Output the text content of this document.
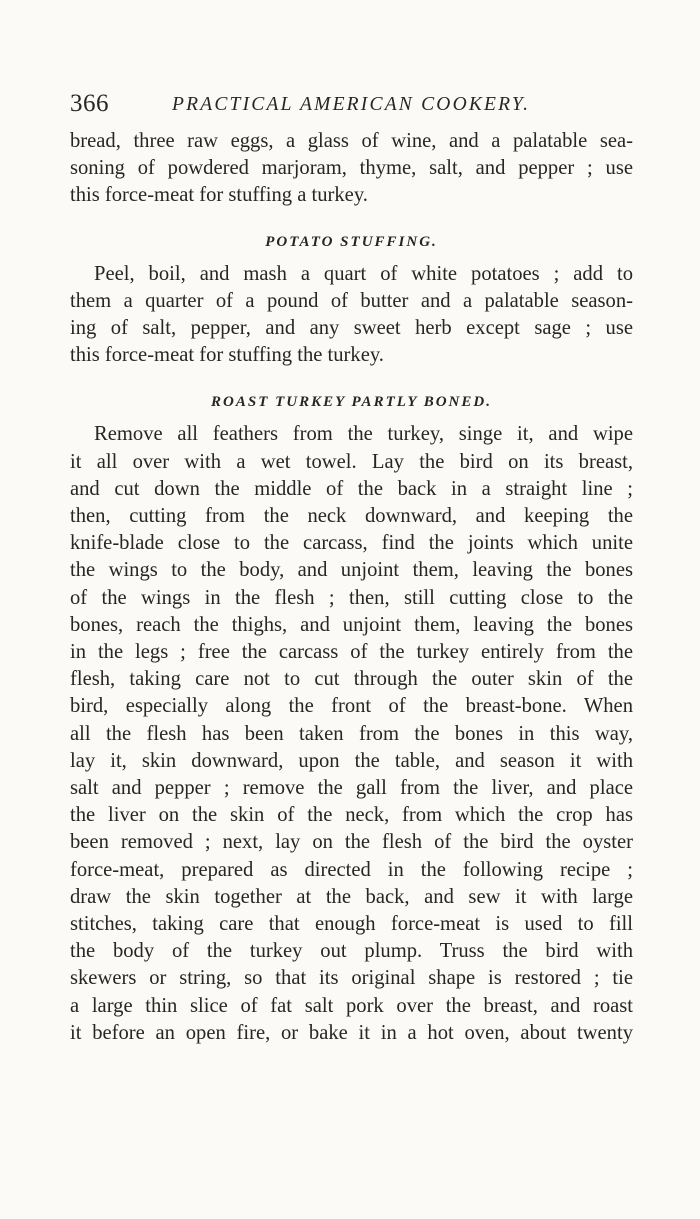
366	PRACTICAL AMERICAN COOKERY.

bread, three raw eggs, a glass of wine, and a palatable sea-
soning of powdered marjoram, thyme, salt, and pepper ; use
this force-meat for stuffing a turkey.

POTATO STUFFING.

Peel, boil, and mash a quart of white potatoes ; add to
them a quarter of a pound of butter and a palatable season-
ing of salt, pepper, and any sweet herb except sage ; use
this force-meat for stuffing the turkey.

ROAST TURKEY PARTLY BONED.

Remove all feathers from the turkey, singe it, and wipe
it all over with a wet towel. Lay the bird on its breast,
and cut down the middle of the back in a straight line ;
then, cutting from the neck downward, and keeping the
knife-blade close to the carcass, find the joints which unite
the wings to the body, and unjoint them, leaving the bones
of the wings in the flesh ; then, still cutting close to the
bones, reach the thighs, and unjoint them, leaving the bones
in the legs ; free the carcass of the turkey entirely from the
flesh, taking care not to cut through the outer skin of the
bird, especially along the front of the breast-bone. When
all the flesh has been taken from the bones in this way,
lay it, skin downward, upon the table, and season it with
salt and pepper ; remove the gall from the liver, and place
the liver on the skin of the neck, from which the crop has
been removed ; next, lay on the flesh of the bird the oyster
force-meat, prepared as directed in the following recipe ;
draw the skin together at the back, and sew it with large
stitches, taking care that enough force-meat is used to fill
the body of the turkey out plump. Truss the bird with
skewers or string, so that its original shape is restored ; tie
a large thin slice of fat salt pork over the breast, and roast
it before an open fire, or bake it in a hot oven, about twenty
